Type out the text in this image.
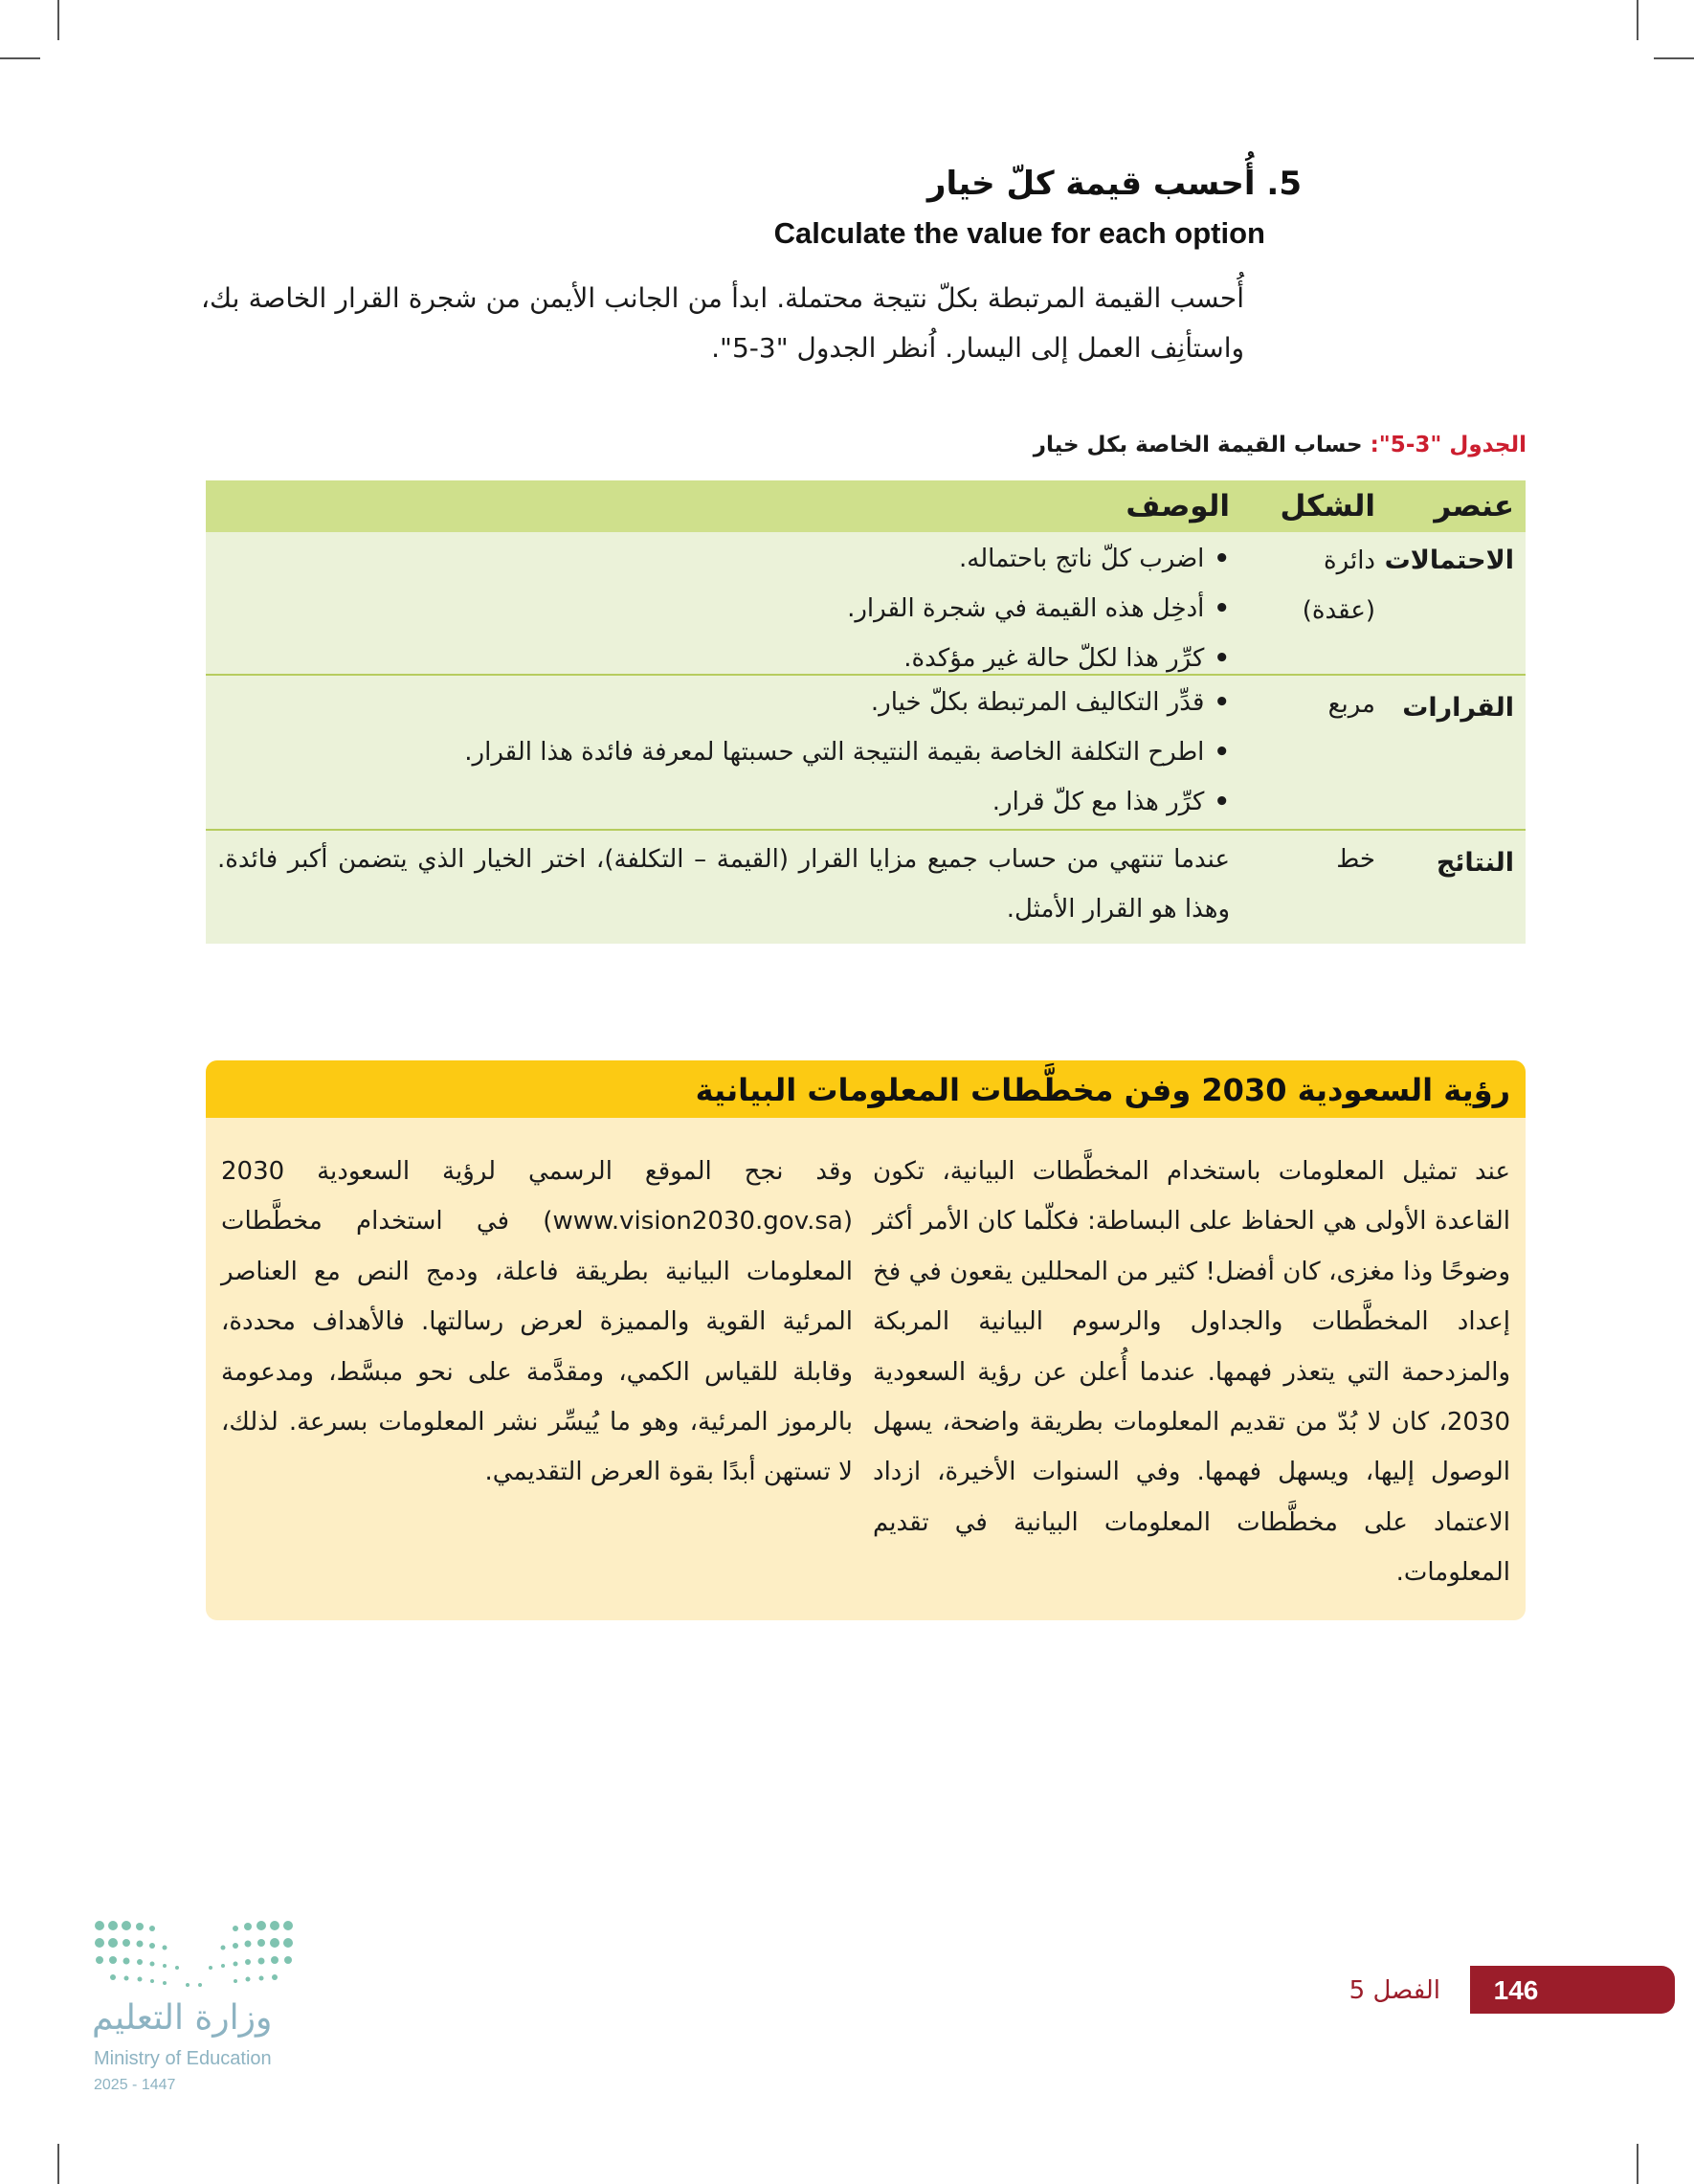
5. أُحسب قيمة كلّ خيار
Calculate the value for each option
أُحسب القيمة المرتبطة بكلّ نتيجة محتملة. ابدأ من الجانب الأيمن من شجرة القرار الخاصة بك، واستأنِف العمل إلى اليسار. اُنظر الجدول "3-5".
الجدول "3-5": حساب القيمة الخاصة بكل خيار
عنصر
الشكل
الوصف
الاحتمالات
دائرة
(عقدة)
• اضرب كلّ ناتج باحتماله.
• أدخِل هذه القيمة في شجرة القرار.
• كرِّر هذا لكلّ حالة غير مؤكدة.
القرارات
مربع
• قدِّر التكاليف المرتبطة بكلّ خيار.
• اطرح التكلفة الخاصة بقيمة النتيجة التي حسبتها لمعرفة فائدة هذا القرار.
• كرِّر هذا مع كلّ قرار.
النتائج
خط
عندما تنتهي من حساب جميع مزايا القرار (القيمة – التكلفة)، اختر الخيار الذي يتضمن أكبر فائدة. وهذا هو القرار الأمثل.
رؤية السعودية 2030 وفن مخطَّطات المعلومات البيانية
عند تمثيل المعلومات باستخدام المخطَّطات البيانية، تكون القاعدة الأولى هي الحفاظ على البساطة: فكلّما كان الأمر أكثر وضوحًا وذا مغزى، كان أفضل! كثير من المحللين يقعون في فخ إعداد المخطَّطات والجداول والرسوم البيانية المربكة والمزدحمة التي يتعذر فهمها. عندما أُعلن عن رؤية السعودية 2030، كان لا بُدّ من تقديم المعلومات بطريقة واضحة، يسهل الوصول إليها، ويسهل فهمها. وفي السنوات الأخيرة، ازداد الاعتماد على مخطَّطات المعلومات البيانية في تقديم المعلومات.
وقد نجح الموقع الرسمي لرؤية السعودية 2030 (www.vision2030.gov.sa) في استخدام مخطَّطات المعلومات البيانية بطريقة فاعلة، ودمج النص مع العناصر المرئية القوية والمميزة لعرض رسالتها. فالأهداف محددة، وقابلة للقياس الكمي، ومقدَّمة على نحو مبسَّط، ومدعومة بالرموز المرئية، وهو ما يُيسِّر نشر المعلومات بسرعة. لذلك، لا تستهن أبدًا بقوة العرض التقديمي.
146
الفصل 5
وزارة التعليم
Ministry of Education
2025 - 1447
